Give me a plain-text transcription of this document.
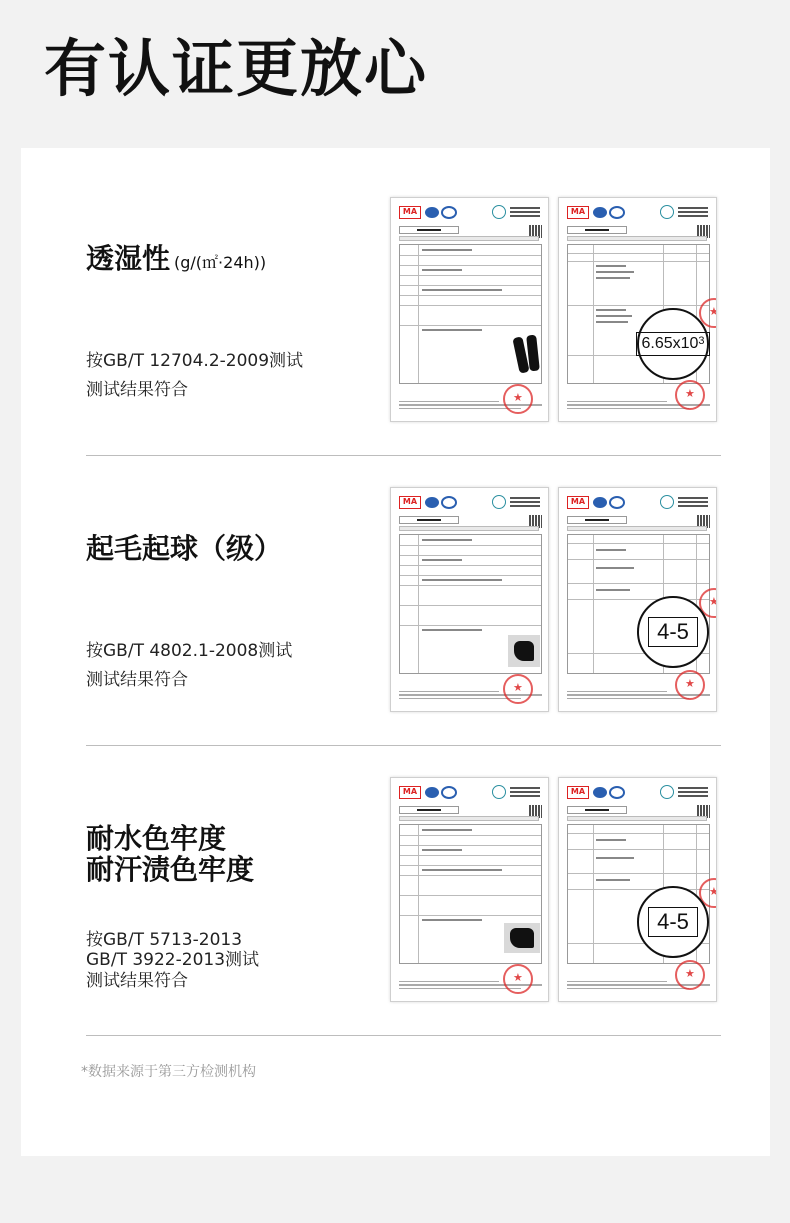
有认证更放心
透湿性 (g/(㎡·24h))
按GB/T 12704.2-2009测试
测试结果符合
MA
★	MA
★
★
$6.65x10^3$
起毛起球（级）
按GB/T 4802.1-2008测试
测试结果符合
MA
★	MA
★
★
4-5
耐水色牢度
耐汗渍色牢度
按GB/T 5713-2013
GB/T 3922-2013测试
测试结果符合
MA
★	MA
★
★
4-5
*数据来源于第三方检测机构
